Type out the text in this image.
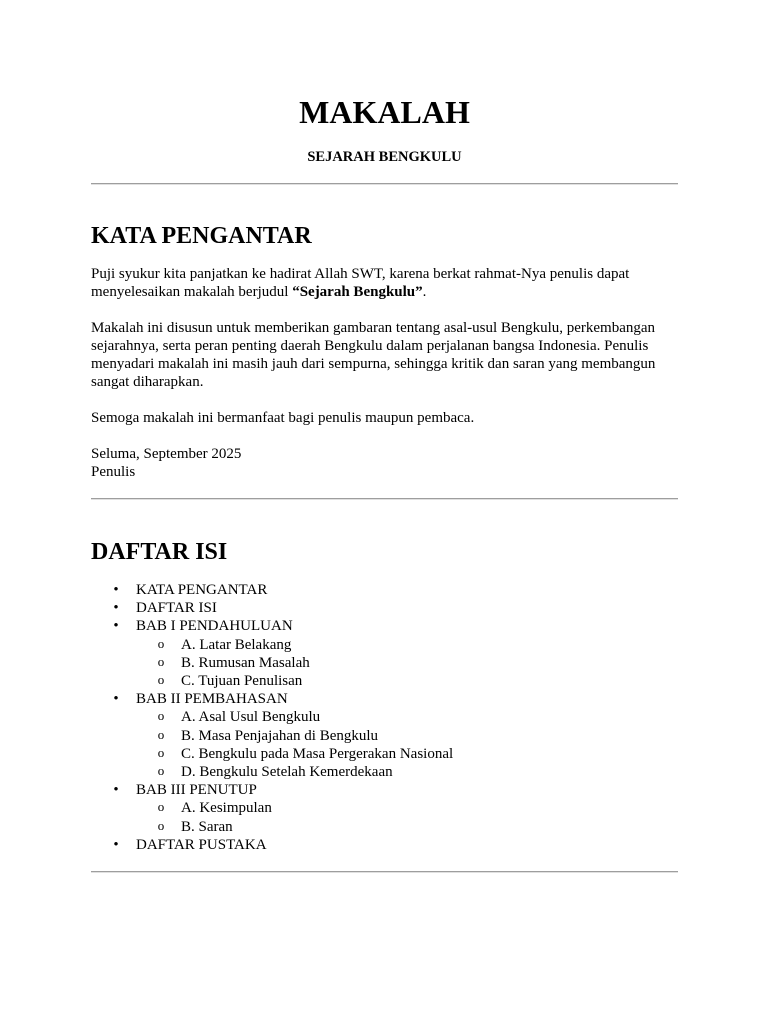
MAKALAH

SEJARAH BENGKULU

KATA PENGANTAR

Puji syukur kita panjatkan ke hadirat Allah SWT, karena berkat rahmat-Nya penulis dapat menyelesaikan makalah berjudul “Sejarah Bengkulu”.

Makalah ini disusun untuk memberikan gambaran tentang asal-usul Bengkulu, perkembangan sejarahnya, serta peran penting daerah Bengkulu dalam perjalanan bangsa Indonesia. Penulis menyadari makalah ini masih jauh dari sempurna, sehingga kritik dan saran yang membangun sangat diharapkan.

Semoga makalah ini bermanfaat bagi penulis maupun pembaca.

Seluma, September 2025

Penulis

DAFTAR ISI
• KATA PENGANTAR
• DAFTAR ISI
• BAB I PENDAHULUAN
o A. Latar Belakang
o B. Rumusan Masalah
o C. Tujuan Penulisan
• BAB II PEMBAHASAN
o A. Asal Usul Bengkulu
o B. Masa Penjajahan di Bengkulu
o C. Bengkulu pada Masa Pergerakan Nasional
o D. Bengkulu Setelah Kemerdekaan
• BAB III PENUTUP
o A. Kesimpulan
o B. Saran
• DAFTAR PUSTAKA
